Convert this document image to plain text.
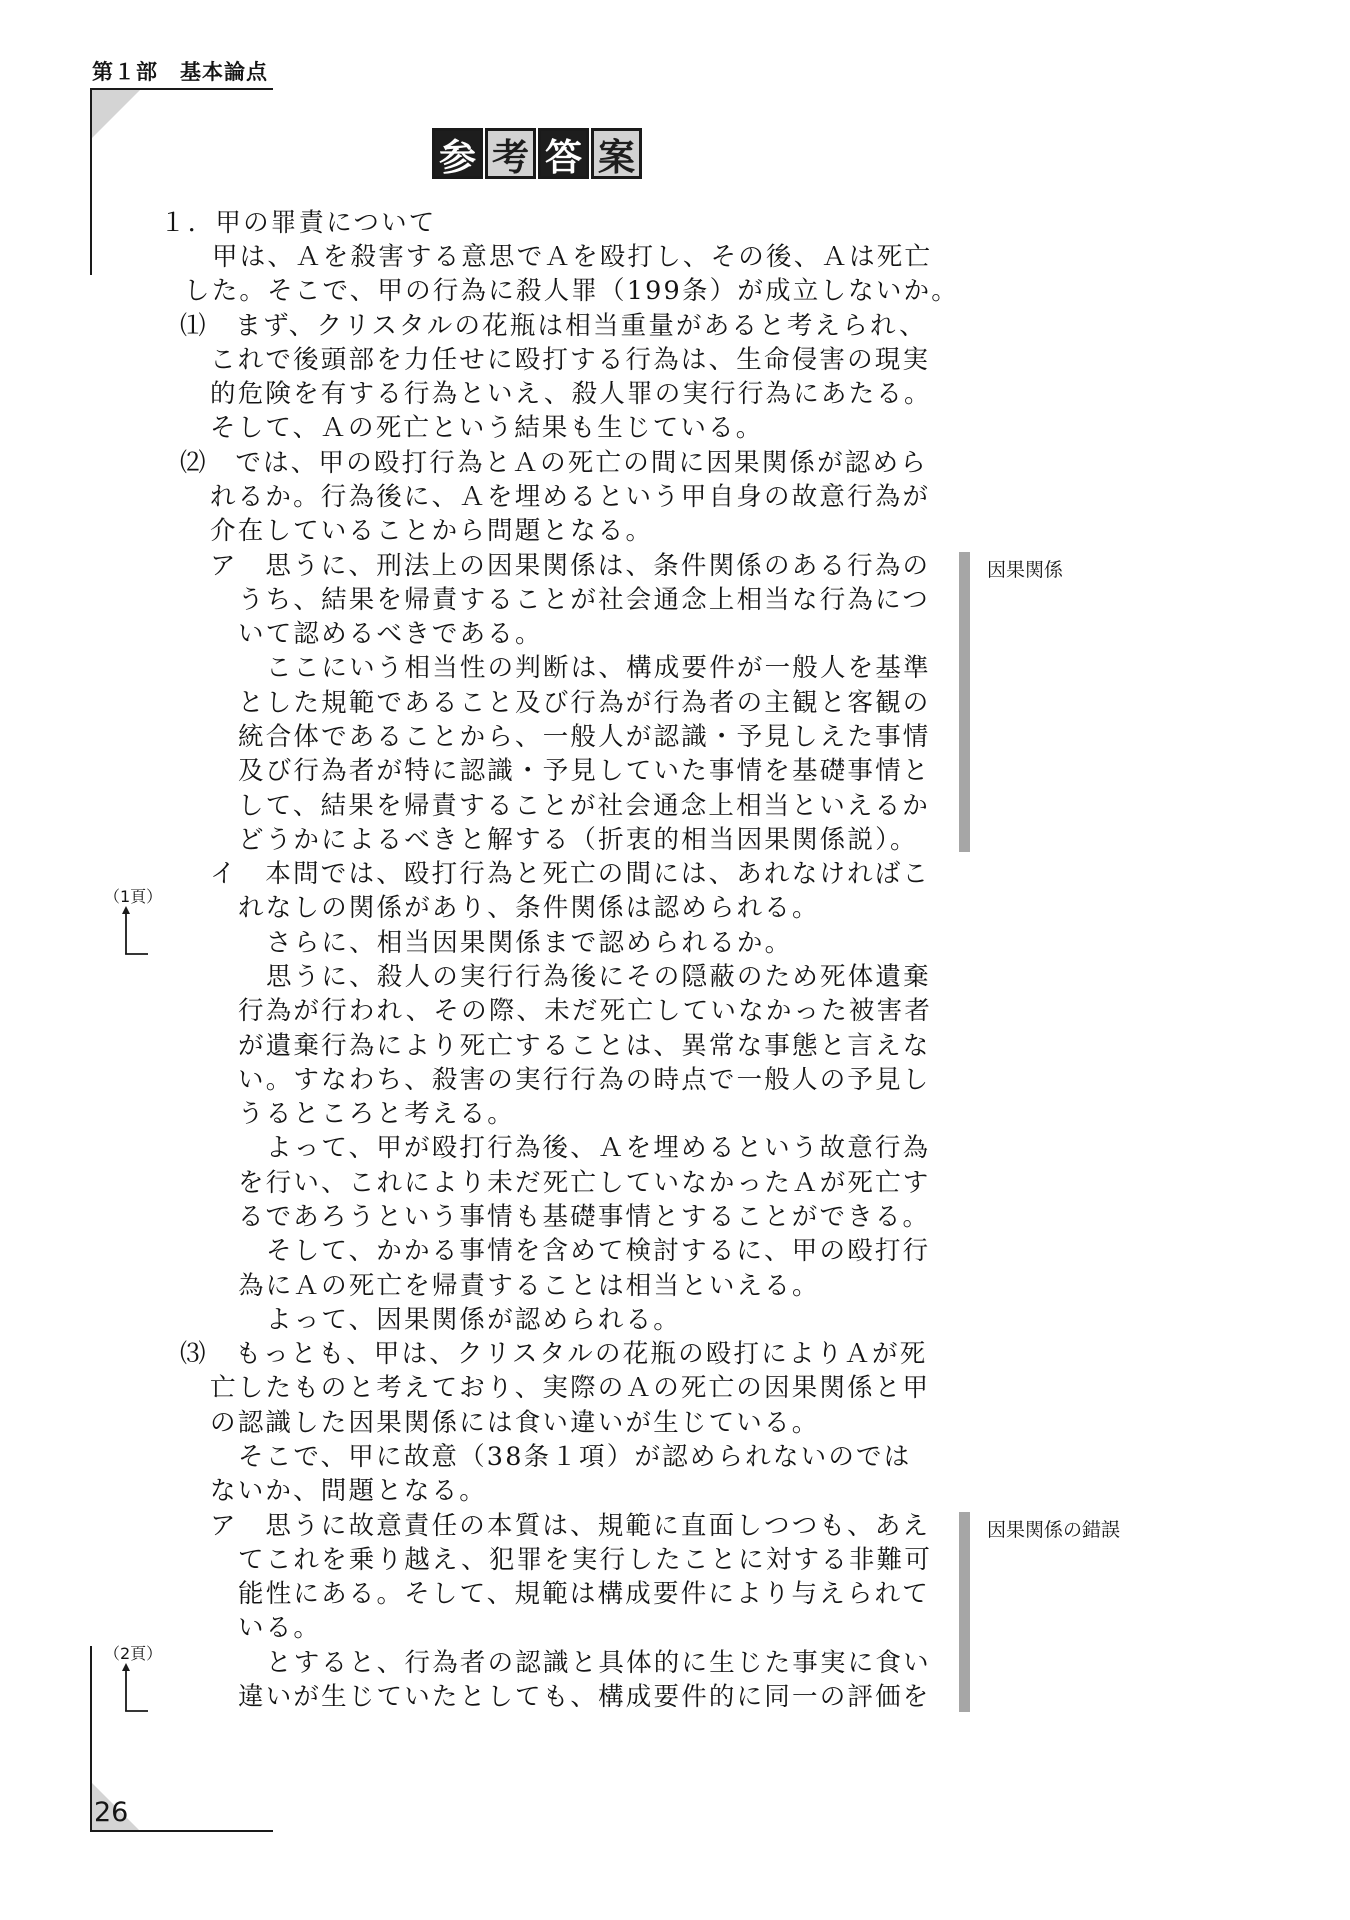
第１部　基本論点
参 考 答 案
１．甲の罪責について
甲は、Ａを殺害する意思でＡを殴打し、その後、Ａは死亡
した。そこで、甲の行為に殺人罪（199条）が成立しないか。
⑴　まず、クリスタルの花瓶は相当重量があると考えられ、
これで後頭部を力任せに殴打する行為は、生命侵害の現実
的危険を有する行為といえ、殺人罪の実行行為にあたる。
そして、Ａの死亡という結果も生じている。
⑵　では、甲の殴打行為とＡの死亡の間に因果関係が認めら
れるか。行為後に、Ａを埋めるという甲自身の故意行為が
介在していることから問題となる。
ア　思うに、刑法上の因果関係は、条件関係のある行為の
うち、結果を帰責することが社会通念上相当な行為につ
いて認めるべきである。
ここにいう相当性の判断は、構成要件が一般人を基準
とした規範であること及び行為が行為者の主観と客観の
統合体であることから、一般人が認識・予見しえた事情
及び行為者が特に認識・予見していた事情を基礎事情と
して、結果を帰責することが社会通念上相当といえるか
どうかによるべきと解する（折衷的相当因果関係説）。
イ　本問では、殴打行為と死亡の間には、あれなければこ
れなしの関係があり、条件関係は認められる。
さらに、相当因果関係まで認められるか。
思うに、殺人の実行行為後にその隠蔽のため死体遺棄
行為が行われ、その際、未だ死亡していなかった被害者
が遺棄行為により死亡することは、異常な事態と言えな
い。すなわち、殺害の実行行為の時点で一般人の予見し
うるところと考える。
よって、甲が殴打行為後、Ａを埋めるという故意行為
を行い、これにより未だ死亡していなかったＡが死亡す
るであろうという事情も基礎事情とすることができる。
そして、かかる事情を含めて検討するに、甲の殴打行
為にＡの死亡を帰責することは相当といえる。
よって、因果関係が認められる。
⑶　もっとも、甲は、クリスタルの花瓶の殴打によりＡが死
亡したものと考えており、実際のＡの死亡の因果関係と甲
の認識した因果関係には食い違いが生じている。
そこで、甲に故意（38条１項）が認められないのでは
ないか、問題となる。
ア　思うに故意責任の本質は、規範に直面しつつも、あえ
てこれを乗り越え、犯罪を実行したことに対する非難可
能性にある。そして、規範は構成要件により与えられて
いる。
とすると、行為者の認識と具体的に生じた事実に食い
違いが生じていたとしても、構成要件的に同一の評価を
因果関係
因果関係の錯誤
（1頁）
（2頁）
26
